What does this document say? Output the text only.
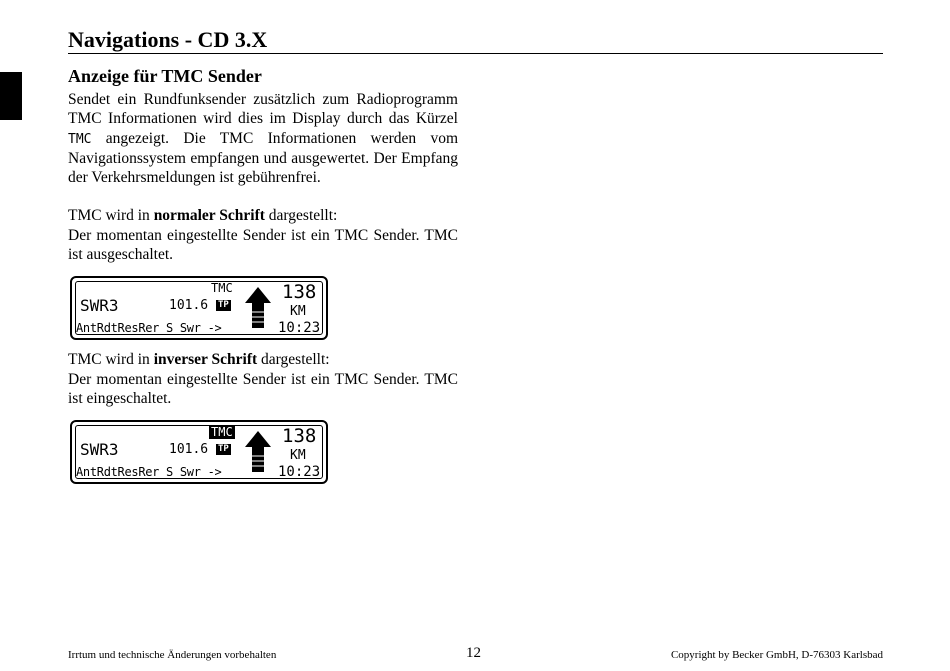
Navigations - CD 3.X
Anzeige für TMC Sender
Sendet ein Rundfunksender zusätzlich zum Radioprogramm TMC Informationen wird dies im Display durch das Kürzel TMC angezeigt. Die TMC Informationen werden vom Navigationssystem empfangen und ausgewertet. Der Empfang der Verkehrsmeldungen ist gebührenfrei.
TMC wird in normaler Schrift dargestellt:
Der momentan eingestellte Sender ist ein TMC Sender. TMC ist ausgeschaltet.
SWR3	101.6 TP
TMC	138
KM
AntRdtResRer S Swr ->	10:23
TMC wird in inverser Schrift dargestellt:
Der momentan eingestellte Sender ist ein TMC Sender. TMC ist eingeschaltet.
SWR3	101.6 TP
TMC	138
KM
AntRdtResRer S Swr ->	10:23
Irrtum und technische Änderungen vorbehalten	12	Copyright by Becker GmbH, D-76303 Karlsbad
